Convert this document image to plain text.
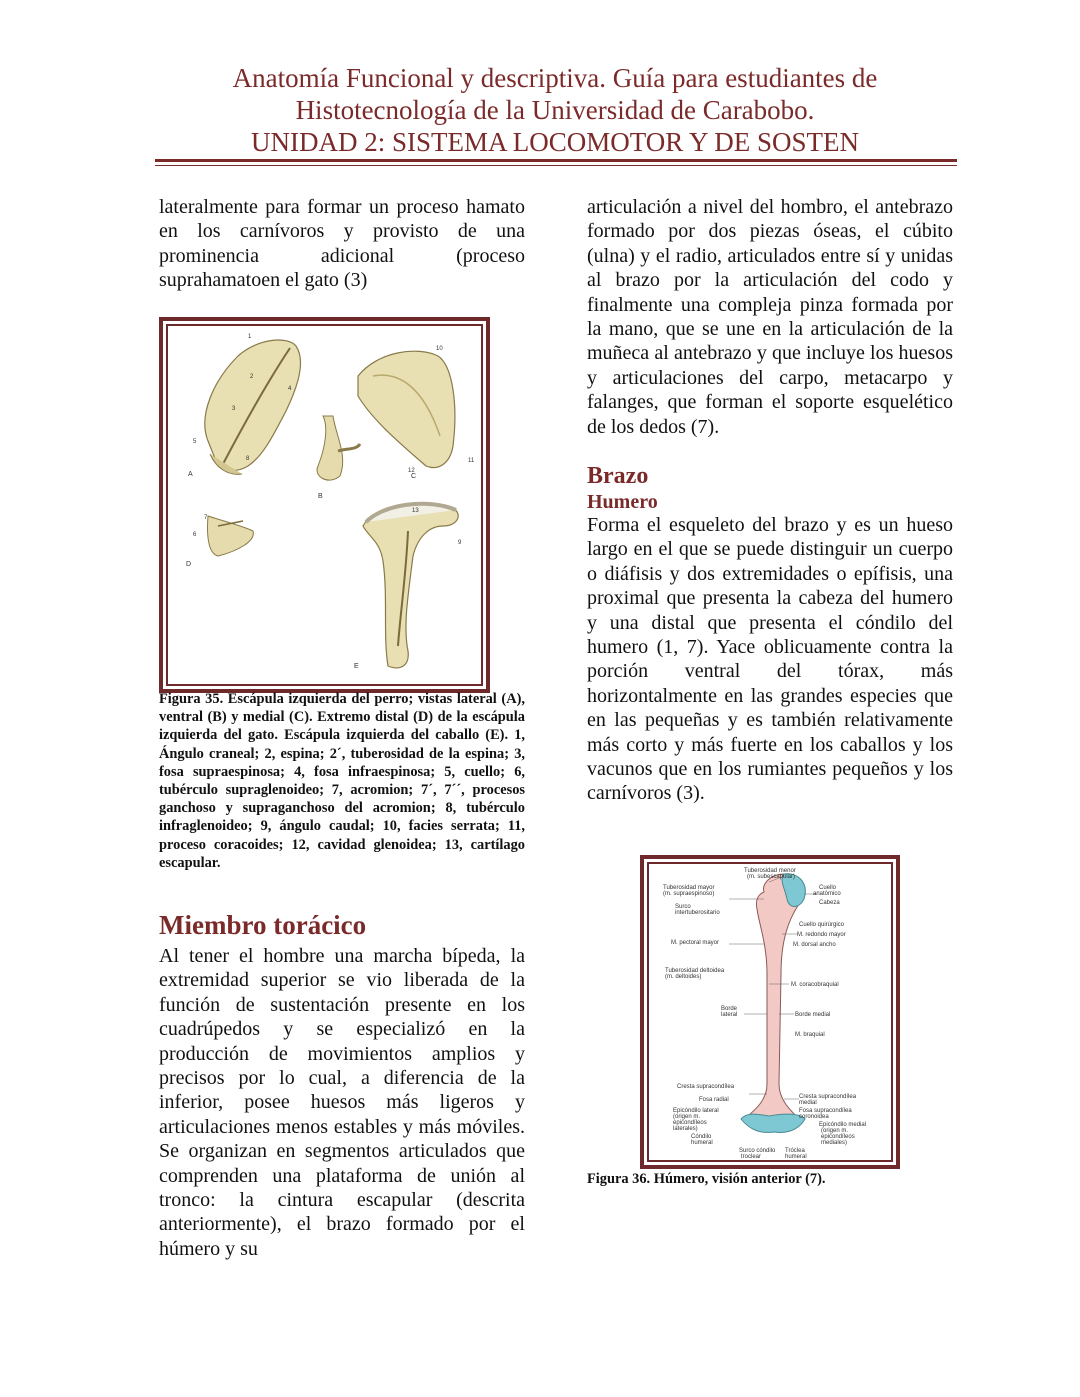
Anatomía Funcional y descriptiva. Guía para estudiantes de
Histotecnología de la Universidad de Carabobo.
UNIDAD 2: SISTEMA LOCOMOTOR Y DE SOSTEN

lateralmente para formar un proceso hamato en los carnívoros y provisto de una prominencia adicional (proceso suprahamatoen el gato (3)

A
B
C
D
E
1
2
3
4
5
6
7
8
9
10
11
12
13

Figura 35. Escápula izquierda del perro; vistas lateral (A), ventral (B) y medial (C). Extremo distal (D) de la escápula izquierda del gato. Escápula izquierda del caballo (E). 1, Ángulo craneal; 2, espina; 2´, tuberosidad de la espina; 3, fosa supraespinosa; 4, fosa infraespinosa; 5, cuello; 6, tubérculo supraglenoideo; 7, acromion; 7´, 7´´, procesos ganchoso y supraganchoso del acromion; 8, tubérculo infraglenoideo; 9, ángulo caudal; 10, facies serrata; 11, proceso coracoides; 12, cavidad glenoidea; 13, cartílago escapular.

Miembro torácico

Al tener el hombre una marcha bípeda, la extremidad superior se vio liberada de la función de sustentación presente en los cuadrúpedos y se especializó en la producción de movimientos amplios y precisos por lo cual, a diferencia de la inferior, posee huesos más ligeros y articulaciones menos estables y más móviles. Se organizan en segmentos articulados que comprenden una plataforma de unión al tronco: la cintura escapular (descrita anteriormente), el brazo formado por el húmero y su

articulación a nivel del hombro, el antebrazo formado por dos piezas óseas, el cúbito (ulna) y el radio, articulados entre sí y unidas al brazo por la articulación del codo y finalmente una compleja pinza formada por la mano, que se une en la articulación de la muñeca al antebrazo y que incluye los huesos y articulaciones del carpo, metacarpo y falanges, que forman el soporte esquelético de los dedos (7).

Brazo

Humero

Forma el esqueleto del brazo y es un hueso largo en el que se puede distinguir un cuerpo o diáfisis y dos extremidades o epífisis, una proximal que presenta la cabeza del humero y una distal que presenta el cóndilo del humero (1, 7). Yace oblicuamente contra la porción ventral del tórax, más horizontalmente en las grandes especies que en las pequeñas y es también relativamente más corto y más fuerte en los caballos y los vacunos que en los rumiantes pequeños y los carnívoros (3).

Tuberosidad menor
(m. subescapular)
Tuberosidad mayor
(m. supraespinoso)
Surco
intertuberositario
Cuello
anatómico
Cabeza
Cuello quirúrgico
M. redondo mayor
M. dorsal ancho
M. pectoral mayor
Tuberosidad deltoidea
(m. deltoides)
M. coracobraquial
Borde
lateral	Borde medial
M. braquial
Cresta supracondílea
Fosa radial
Epicóndilo lateral
(origen m.
epicondíleos
laterales)
Cóndilo
humeral
Surco cóndilo
troclear
Cresta supracondílea
medial
Fosa supracondílea
coronoidea
Epicóndilo medial
(origen m.
epicondíleos
mediales)
Tróclea
humeral

Figura 36. Húmero, visión anterior (7).
